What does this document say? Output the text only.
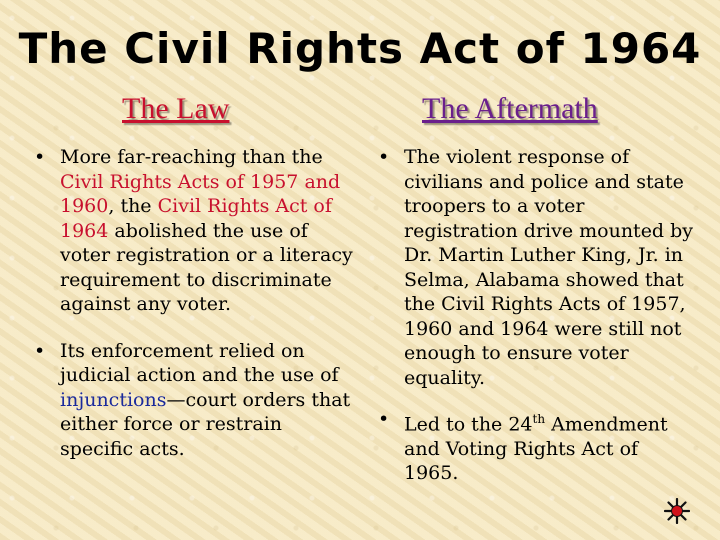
The Civil Rights Act of 1964
The Law	The Aftermath
• More far-reaching than the Civil Rights Acts of 1957 and 1960, the Civil Rights Act of 1964 abolished the use of voter registration or a literacy requirement to discriminate against any voter.
• Its enforcement relied on judicial action and the use of injunctions—court orders that either force or restrain specific acts.
• The violent response of civilians and police and state troopers to a voter registration drive mounted by Dr. Martin Luther King, Jr. in Selma, Alabama showed that the Civil Rights Acts of 1957, 1960 and 1964 were still not enough to ensure voter equality.
• Led to the 24th Amendment and Voting Rights Act of 1965.
